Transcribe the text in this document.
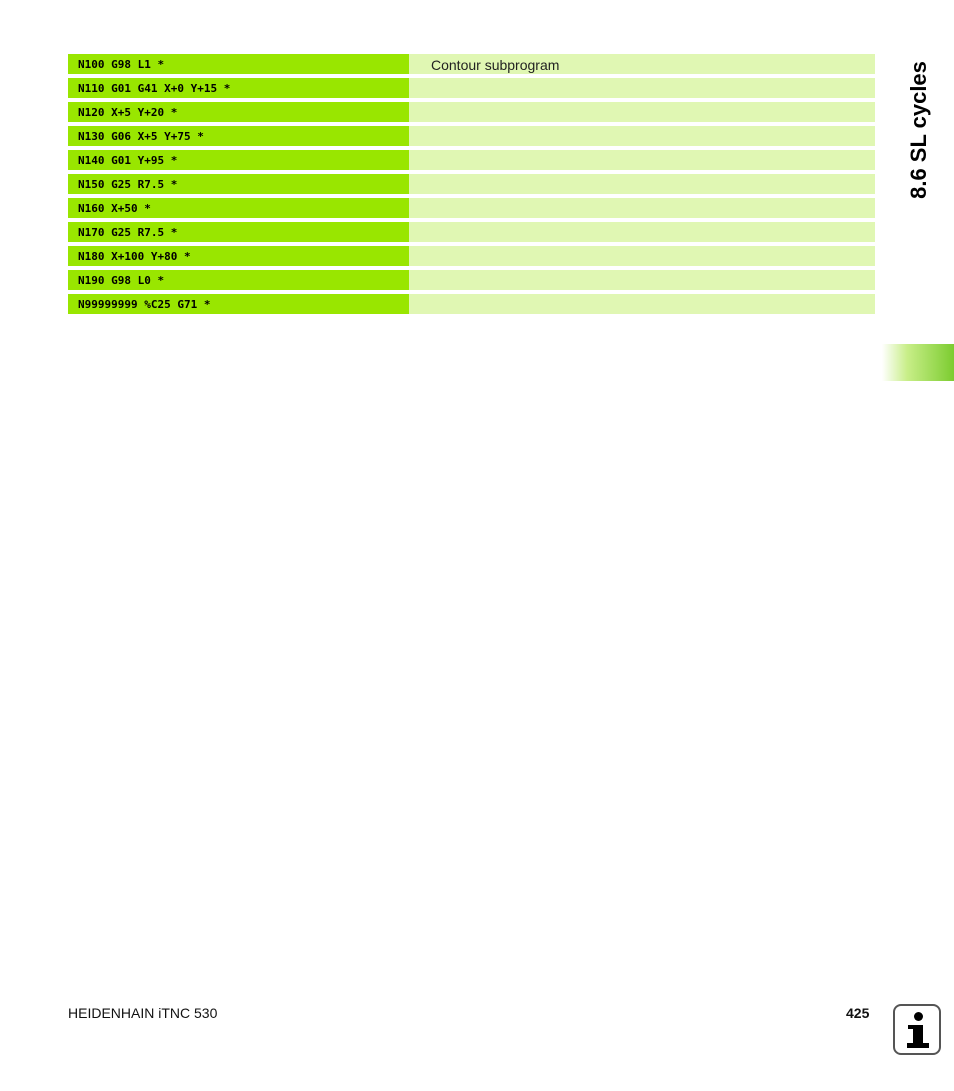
N100 G98 L1 *	Contour subprogram
N110 G01 G41 X+0 Y+15 *
N120 X+5 Y+20 *
N130 G06 X+5 Y+75 *
N140 G01 Y+95 *
N150 G25 R7.5 *
N160 X+50 *
N170 G25 R7.5 *
N180 X+100 Y+80 *
N190 G98 L0 *
N99999999 %C25 G71 *
8.6 SL cycles
HEIDENHAIN iTNC 530	425
